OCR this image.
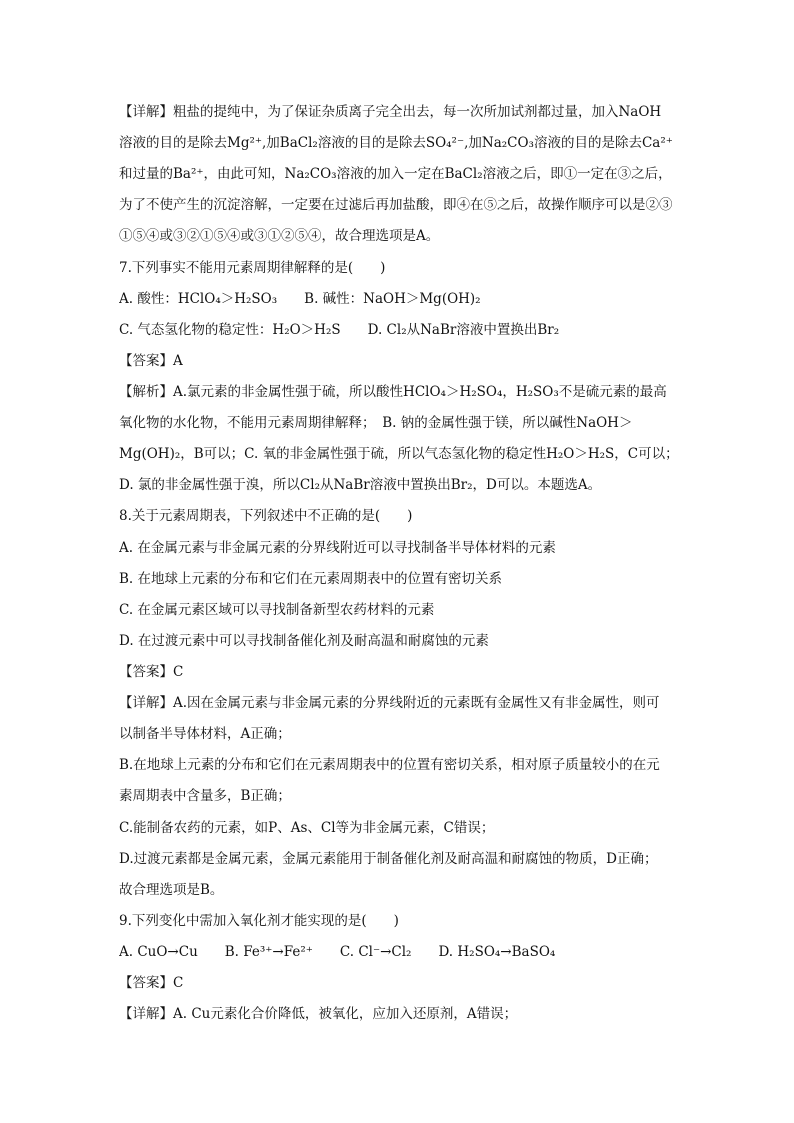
【详解】粗盐的提纯中，为了保证杂质离子完全出去，每一次所加试剂都过量，加入NaOH
溶液的目的是除去Mg²⁺,加BaCl₂溶液的目的是除去SO₄²⁻,加Na₂CO₃溶液的目的是除去Ca²⁺
和过量的Ba²⁺，由此可知，Na₂CO₃溶液的加入一定在BaCl₂溶液之后，即①一定在③之后，
为了不使产生的沉淀溶解，一定要在过滤后再加盐酸，即④在⑤之后，故操作顺序可以是②③
①⑤④或③②①⑤④或③①②⑤④，故合理选项是A。
7.下列事实不能用元素周期律解释的是(　　)
A. 酸性：HClO₄＞H₂SO₃　　B. 碱性：NaOH＞Mg(OH)₂
C. 气态氢化物的稳定性：H₂O＞H₂S　　D. Cl₂从NaBr溶液中置换出Br₂
【答案】A
【解析】A.氯元素的非金属性强于硫，所以酸性HClO₄＞H₂SO₄，H₂SO₃不是硫元素的最高
氧化物的水化物，不能用元素周期律解释；　B. 钠的金属性强于镁，所以碱性NaOH＞
Mg(OH)₂，B可以；C. 氧的非金属性强于硫，所以气态氢化物的稳定性H₂O＞H₂S，C可以；
D. 氯的非金属性强于溴，所以Cl₂从NaBr溶液中置换出Br₂，D可以。本题选A。
8.关于元素周期表，下列叙述中不正确的是(　　)
A. 在金属元素与非金属元素的分界线附近可以寻找制备半导体材料的元素
B. 在地球上元素的分布和它们在元素周期表中的位置有密切关系
C. 在金属元素区域可以寻找制备新型农药材料的元素
D. 在过渡元素中可以寻找制备催化剂及耐高温和耐腐蚀的元素
【答案】C
【详解】A.因在金属元素与非金属元素的分界线附近的元素既有金属性又有非金属性，则可
以制备半导体材料，A正确；
B.在地球上元素的分布和它们在元素周期表中的位置有密切关系，相对原子质量较小的在元
素周期表中含量多，B正确；
C.能制备农药的元素，如P、As、Cl等为非金属元素，C错误；
D.过渡元素都是金属元素，金属元素能用于制备催化剂及耐高温和耐腐蚀的物质，D正确；
故合理选项是B。
9.下列变化中需加入氧化剂才能实现的是(　　)
A. CuO→Cu　　B. Fe³⁺→Fe²⁺　　C. Cl⁻→Cl₂　　D. H₂SO₄→BaSO₄
【答案】C
【详解】A. Cu元素化合价降低，被氧化，应加入还原剂，A错误；
